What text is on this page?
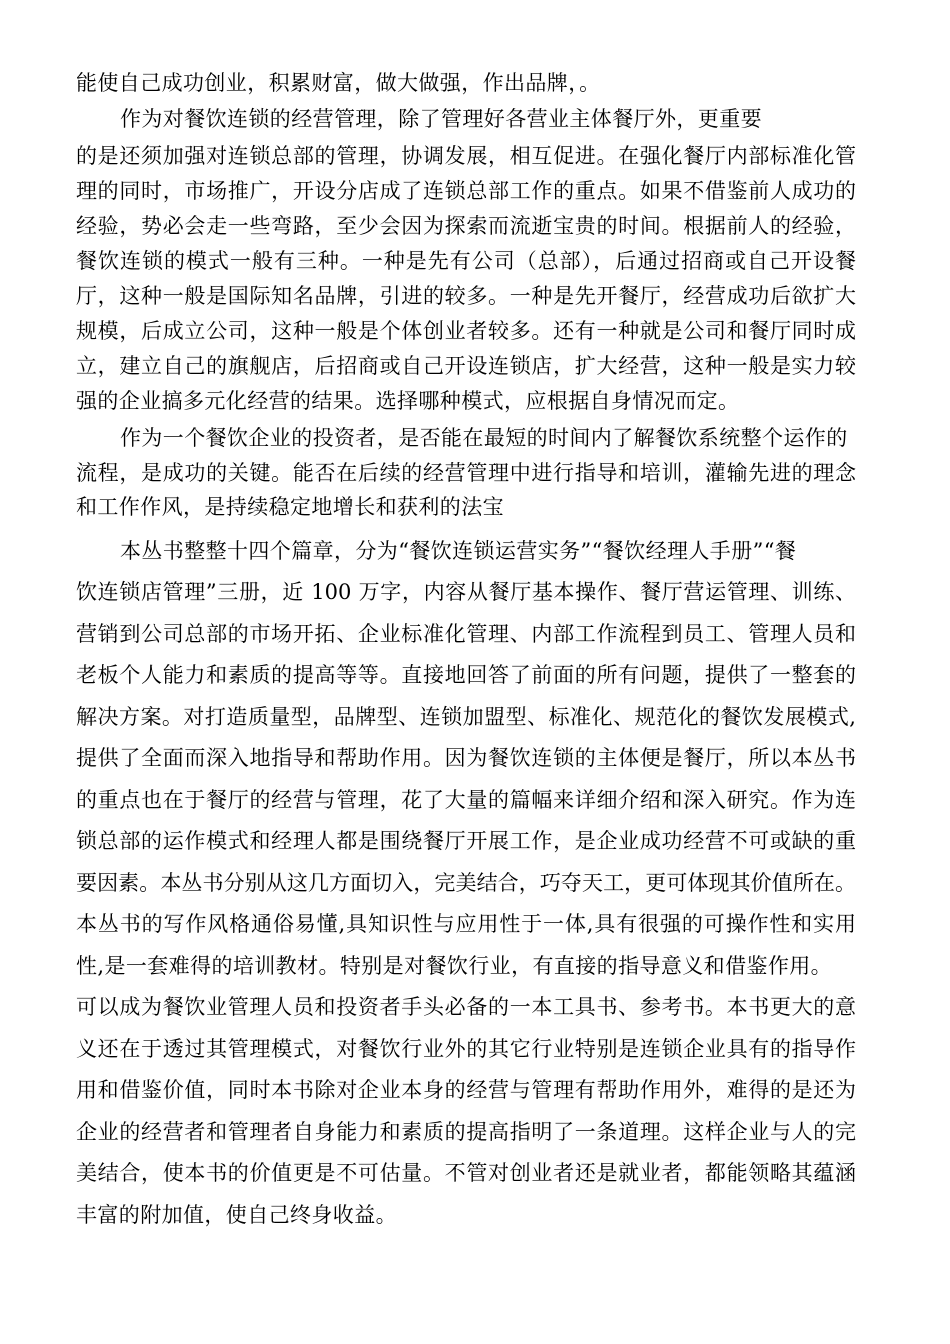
能使自己成功创业，积累财富，做大做强，作出品牌，。
作为对餐饮连锁的经营管理，除了管理好各营业主体餐厅外，更重要
的是还须加强对连锁总部的管理，协调发展，相互促进。在强化餐厅内部标准化管
理的同时，市场推广，开设分店成了连锁总部工作的重点。如果不借鉴前人成功的
经验，势必会走一些弯路，至少会因为探索而流逝宝贵的时间。根据前人的经验，
餐饮连锁的模式一般有三种。一种是先有公司（总部），后通过招商或自己开设餐
厅，这种一般是国际知名品牌，引进的较多。一种是先开餐厅，经营成功后欲扩大
规模，后成立公司，这种一般是个体创业者较多。还有一种就是公司和餐厅同时成
立，建立自己的旗舰店，后招商或自己开设连锁店，扩大经营，这种一般是实力较
强的企业搞多元化经营的结果。选择哪种模式，应根据自身情况而定。
作为一个餐饮企业的投资者，是否能在最短的时间内了解餐饮系统整个运作的
流程，是成功的关键。能否在后续的经营管理中进行指导和培训，灌输先进的理念
和工作作风，是持续稳定地增长和获利的法宝
本丛书整整十四个篇章，分为“餐饮连锁运营实务”“餐饮经理人手册”“餐
饮连锁店管理”三册，近 100 万字，内容从餐厅基本操作、餐厅营运管理、训练、
营销到公司总部的市场开拓、企业标准化管理、内部工作流程到员工、管理人员和
老板个人能力和素质的提高等等。直接地回答了前面的所有问题，提供了一整套的
解决方案。对打造质量型，品牌型、连锁加盟型、标准化、规范化的餐饮发展模式,
提供了全面而深入地指导和帮助作用。因为餐饮连锁的主体便是餐厅，所以本丛书
的重点也在于餐厅的经营与管理，花了大量的篇幅来详细介绍和深入研究。作为连
锁总部的运作模式和经理人都是围绕餐厅开展工作，是企业成功经营不可或缺的重
要因素。本丛书分别从这几方面切入，完美结合，巧夺天工，更可体现其价值所在。
本丛书的写作风格通俗易懂,具知识性与应用性于一体,具有很强的可操作性和实用
性,是一套难得的培训教材。特别是对餐饮行业，有直接的指导意义和借鉴作用。
可以成为餐饮业管理人员和投资者手头必备的一本工具书、参考书。本书更大的意
义还在于透过其管理模式，对餐饮行业外的其它行业特别是连锁企业具有的指导作
用和借鉴价值，同时本书除对企业本身的经营与管理有帮助作用外，难得的是还为
企业的经营者和管理者自身能力和素质的提高指明了一条道理。这样企业与人的完
美结合，使本书的价值更是不可估量。不管对创业者还是就业者，都能领略其蕴涵
丰富的附加值，使自己终身收益。
